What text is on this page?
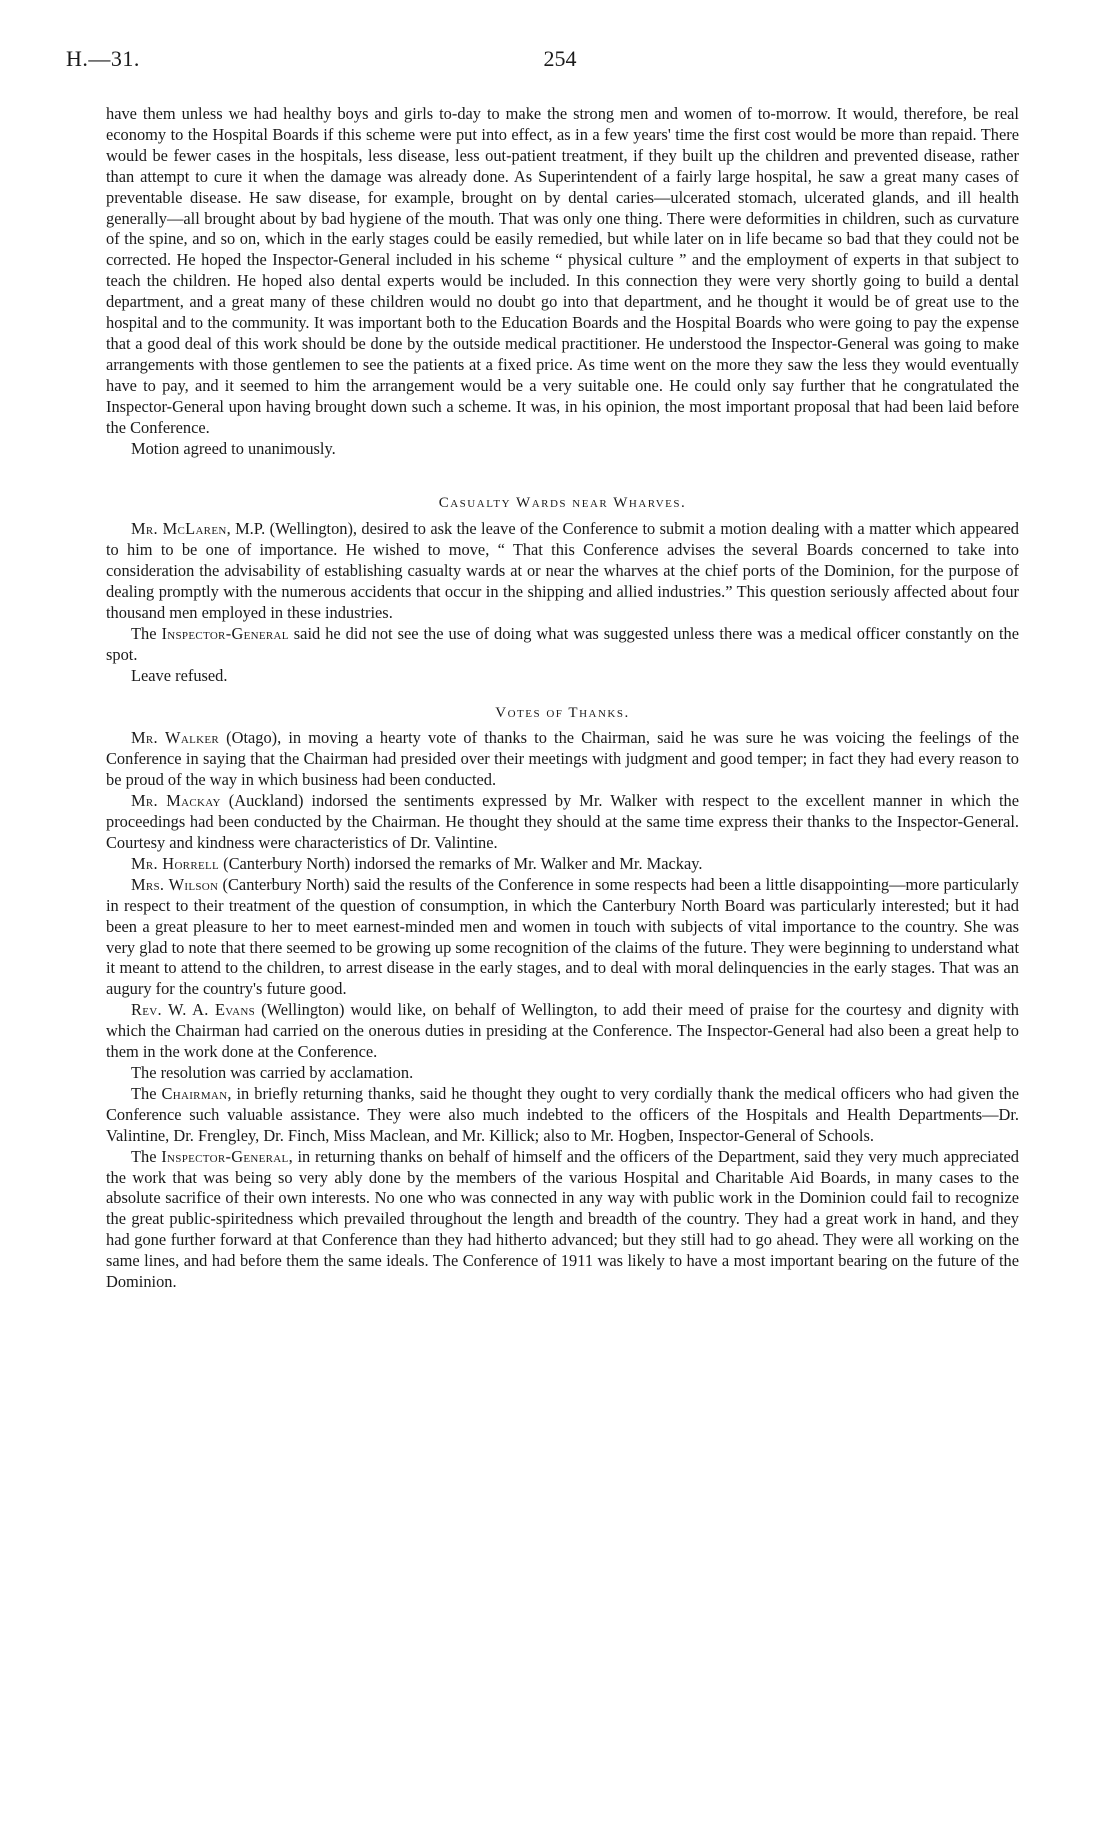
H.—31.	254

have them unless we had healthy boys and girls to-day to make the strong men and women of to-morrow. It would, therefore, be real economy to the Hospital Boards if this scheme were put into effect, as in a few years' time the first cost would be more than repaid. There would be fewer cases in the hospitals, less disease, less out-patient treatment, if they built up the children and prevented disease, rather than attempt to cure it when the damage was already done. As Superintendent of a fairly large hospital, he saw a great many cases of preventable disease. He saw disease, for example, brought on by dental caries—ulcerated stomach, ulcerated glands, and ill health generally—all brought about by bad hygiene of the mouth. That was only one thing. There were deformities in children, such as curvature of the spine, and so on, which in the early stages could be easily remedied, but while later on in life became so bad that they could not be corrected. He hoped the Inspector-General included in his scheme “ physical culture ” and the employment of experts in that subject to teach the children. He hoped also dental experts would be included. In this connection they were very shortly going to build a dental department, and a great many of these children would no doubt go into that department, and he thought it would be of great use to the hospital and to the community. It was important both to the Education Boards and the Hospital Boards who were going to pay the expense that a good deal of this work should be done by the outside medical practitioner. He understood the Inspector-General was going to make arrangements with those gentlemen to see the patients at a fixed price. As time went on the more they saw the less they would eventually have to pay, and it seemed to him the arrangement would be a very suitable one. He could only say further that he congratulated the Inspector-General upon having brought down such a scheme. It was, in his opinion, the most important proposal that had been laid before the Conference.

Motion agreed to unanimously.

Casualty Wards near Wharves.

Mr. McLaren, M.P. (Wellington), desired to ask the leave of the Conference to submit a motion dealing with a matter which appeared to him to be one of importance. He wished to move, “ That this Conference advises the several Boards concerned to take into consideration the advisability of establishing casualty wards at or near the wharves at the chief ports of the Dominion, for the purpose of dealing promptly with the numerous accidents that occur in the shipping and allied industries.” This question seriously affected about four thousand men employed in these industries.

The Inspector-General said he did not see the use of doing what was suggested unless there was a medical officer constantly on the spot.

Leave refused.

Votes of Thanks.

Mr. Walker (Otago), in moving a hearty vote of thanks to the Chairman, said he was sure he was voicing the feelings of the Conference in saying that the Chairman had presided over their meetings with judgment and good temper; in fact they had every reason to be proud of the way in which business had been conducted.

Mr. Mackay (Auckland) indorsed the sentiments expressed by Mr. Walker with respect to the excellent manner in which the proceedings had been conducted by the Chairman. He thought they should at the same time express their thanks to the Inspector-General. Courtesy and kindness were characteristics of Dr. Valintine.

Mr. Horrell (Canterbury North) indorsed the remarks of Mr. Walker and Mr. Mackay.

Mrs. Wilson (Canterbury North) said the results of the Conference in some respects had been a little disappointing—more particularly in respect to their treatment of the question of consumption, in which the Canterbury North Board was particularly interested; but it had been a great pleasure to her to meet earnest-minded men and women in touch with subjects of vital importance to the country. She was very glad to note that there seemed to be growing up some recognition of the claims of the future. They were beginning to understand what it meant to attend to the children, to arrest disease in the early stages, and to deal with moral delinquencies in the early stages. That was an augury for the country's future good.

Rev. W. A. Evans (Wellington) would like, on behalf of Wellington, to add their meed of praise for the courtesy and dignity with which the Chairman had carried on the onerous duties in presiding at the Conference. The Inspector-General had also been a great help to them in the work done at the Conference.

The resolution was carried by acclamation.

The Chairman, in briefly returning thanks, said he thought they ought to very cordially thank the medical officers who had given the Conference such valuable assistance. They were also much indebted to the officers of the Hospitals and Health Departments—Dr. Valintine, Dr. Frengley, Dr. Finch, Miss Maclean, and Mr. Killick; also to Mr. Hogben, Inspector-General of Schools.

The Inspector-General, in returning thanks on behalf of himself and the officers of the Department, said they very much appreciated the work that was being so very ably done by the members of the various Hospital and Charitable Aid Boards, in many cases to the absolute sacrifice of their own interests. No one who was connected in any way with public work in the Dominion could fail to recognize the great public-spiritedness which prevailed throughout the length and breadth of the country. They had a great work in hand, and they had gone further forward at that Conference than they had hitherto advanced; but they still had to go ahead. They were all working on the same lines, and had before them the same ideals. The Conference of 1911 was likely to have a most important bearing on the future of the Dominion.
